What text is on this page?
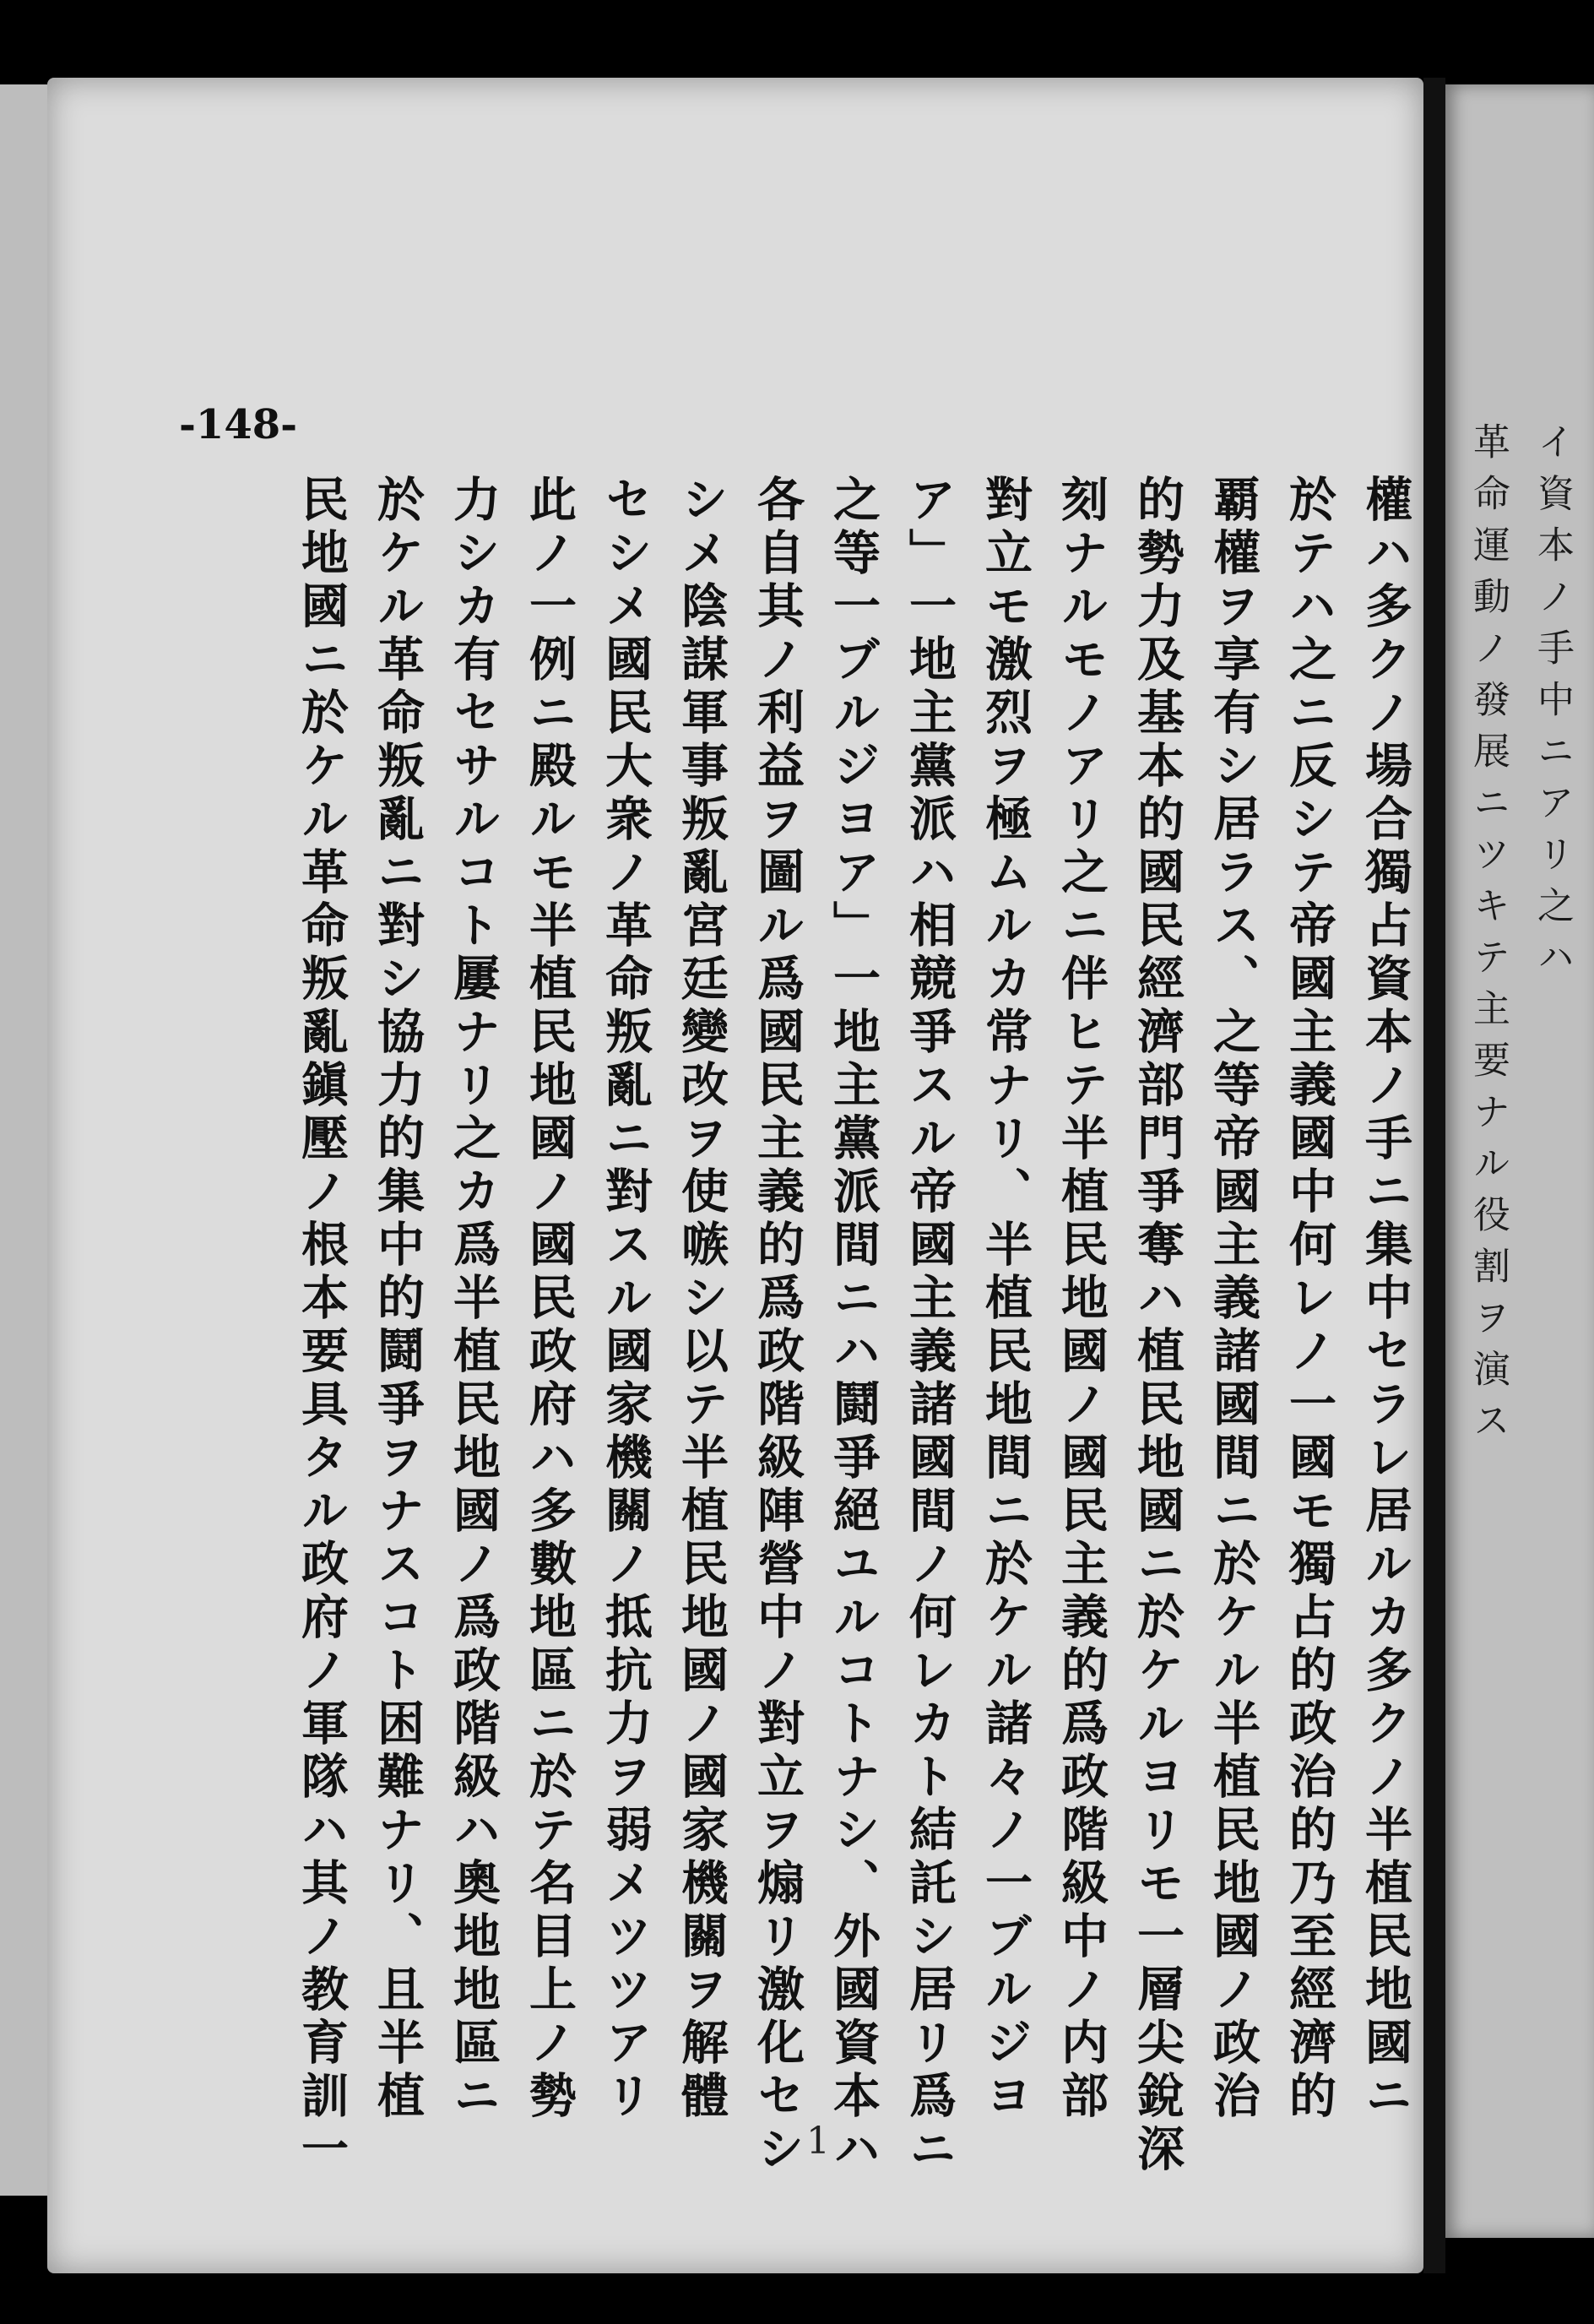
權ハ多クノ場合獨占資本ノ手ニ集中セラレ居ルカ多クノ半植民地國ニ
於テハ之ニ反シテ帝國主義國中何レノ一國モ獨占的政治的乃至經濟的
覇權ヲ享有シ居ラス、之等帝國主義諸國間ニ於ケル半植民地國ノ政治
的勢力及基本的國民經濟部門爭奪ハ植民地國ニ於ケルヨリモ一層尖銳深
刻ナルモノアリ之ニ伴ヒテ半植民地國ノ國民主義的爲政階級中ノ内部
對立モ激烈ヲ極ムルカ常ナリ、半植民地間ニ於ケル諸々ノ一ブルジヨ
ア」一地主黨派ハ相競爭スル帝國主義諸國間ノ何レカト結託シ居リ爲ニ
之等一ブルジヨア」一地主黨派間ニハ鬪爭絕ユルコトナシ、外國資本ハ
各自其ノ利益ヲ圖ル爲國民主義的爲政階級陣營中ノ對立ヲ煽リ激化セシ
シメ陰謀軍事叛亂宮廷變改ヲ使嗾シ以テ半植民地國ノ國家機關ヲ解體
セシメ國民大衆ノ革命叛亂ニ對スル國家機關ノ抵抗力ヲ弱メツツアリ
此ノ一例ニ殿ルモ半植民地國ノ國民政府ハ多數地區ニ於テ名目上ノ勢
力シカ有セサルコト屢ナリ之カ爲半植民地國ノ爲政階級ハ奧地地區ニ
於ケル革命叛亂ニ對シ協力的集中的鬪爭ヲナスコト困難ナリ、且半植
民地國ニ於ケル革命叛亂鎭壓ノ根本要具タル政府ノ軍隊ハ其ノ教育訓一
-148-
1
イ資本ノ手中ニアリ之ハ
革命運動ノ發展ニツキテ主要ナル役割ヲ演ス
